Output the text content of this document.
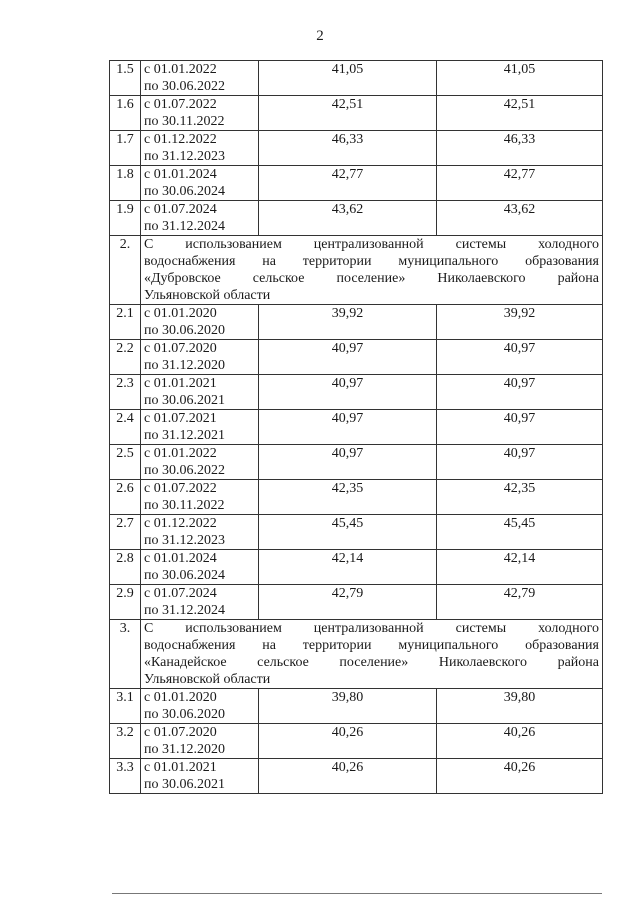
2
1.5	с 01.01.2022
по 30.06.2022	41,05	41,05
1.6	с 01.07.2022
по 30.11.2022	42,51	42,51
1.7	с 01.12.2022
по 31.12.2023	46,33	46,33
1.8	с 01.01.2024
по 30.06.2024	42,77	42,77
1.9	с 01.07.2024
по 31.12.2024	43,62	43,62
2.	С использованием централизованной системы холодного
водоснабжения на территории муниципального образования
«Дубровское сельское поселение» Николаевского района
Ульяновской области		

2.1	с 01.01.2020
по 30.06.2020	39,92	39,92
2.2	с 01.07.2020
по 31.12.2020	40,97	40,97
2.3	с 01.01.2021
по 30.06.2021	40,97	40,97
2.4	с 01.07.2021
по 31.12.2021	40,97	40,97
2.5	с 01.01.2022
по 30.06.2022	40,97	40,97
2.6	с 01.07.2022
по 30.11.2022	42,35	42,35
2.7	с 01.12.2022
по 31.12.2023	45,45	45,45
2.8	с 01.01.2024
по 30.06.2024	42,14	42,14
2.9	с 01.07.2024
по 31.12.2024	42,79	42,79
3.	С использованием централизованной системы холодного
водоснабжения на территории муниципального образования
«Канадейское сельское поселение» Николаевского района
Ульяновской области		

3.1	с 01.01.2020
по 30.06.2020	39,80	39,80
3.2	с 01.07.2020
по 31.12.2020	40,26	40,26
3.3	с 01.01.2021
по 30.06.2021	40,26	40,26
